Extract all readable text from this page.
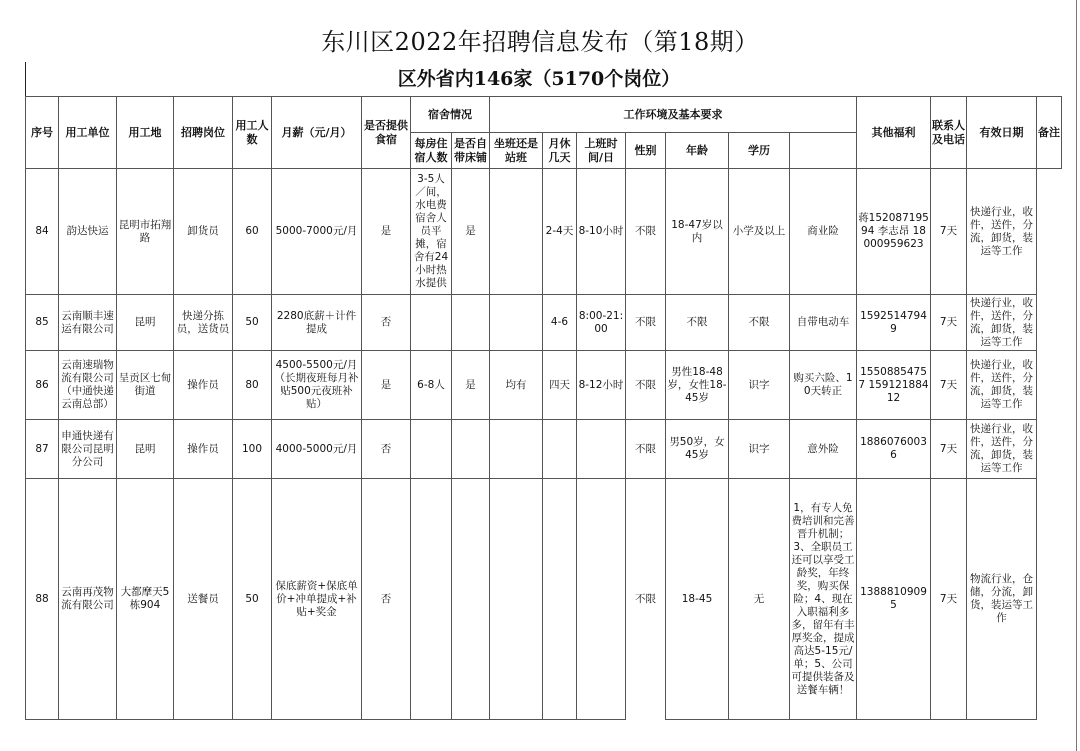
东川区2022年招聘信息发布（第18期）
区外省内146家（5170个岗位）
序号	用工单位	用工地	招聘岗位	用工人数	月薪（元/月）	是否提供食宿	宿舍情况		工作环境及基本要求							其他福利	联系人及电话	有效日期	备注

							每房住宿人数	是否自带床铺	坐班还是站班	月休几天	上班时间/日	性别	年龄	学历					
84	韵达快运	昆明市拓翔路	卸货员	60	5000-7000元/月	是	3-5人／间，水电费宿舍人员平摊，宿舍有24小时热水提供	是		2-4天	8-10小时	不限	18-47岁以内	小学及以上	商业险	蒋15208719594 李志昂 18000959623	7天	快递行业，收件，送件，分流，卸货，装运等工作	
85	云南顺丰速运有限公司	昆明	快递分拣员，送货员	50	2280底薪＋计件提成	否				4-6	8:00-21:00	不限	不限	不限	自带电动车	15925147949	7天	快递行业，收件，送件，分流，卸货，装运等工作	
86	云南速瑞物流有限公司（中通快递云南总部）	呈贡区七甸街道	操作员	80	4500-5500元/月（长期夜班每月补贴500元夜班补贴）	是	6-8人	是	均有	四天	8-12小时	不限	男性18-48岁，女性18-45岁	识字	购买六险、10天转正	15508854757 15912188412	7天	快递行业，收件，送件，分流，卸货，装运等工作	
87	申通快递有限公司昆明分公司	昆明	操作员	100	4000-5000元/月	否						不限	男50岁，女45岁	识字	意外险	18860760036	7天	快递行业，收件，送件，分流，卸货，装运等工作	
88	云南再茂物流有限公司	大都摩天5栋904	送餐员	50	保底薪资+保底单价+冲单提成+补贴+奖金	否						不限	18-45	无	1，有专人免费培训和完善晋升机制；3、全职员工还可以享受工龄奖，年终奖，购买保险；4、现在入职福利多多，留年有丰厚奖金，提成高达5-15元/单；5、公司可提供装备及送餐车辆！	13888109095	7天	物流行业，仓储，分流，卸货，装运等工作	
